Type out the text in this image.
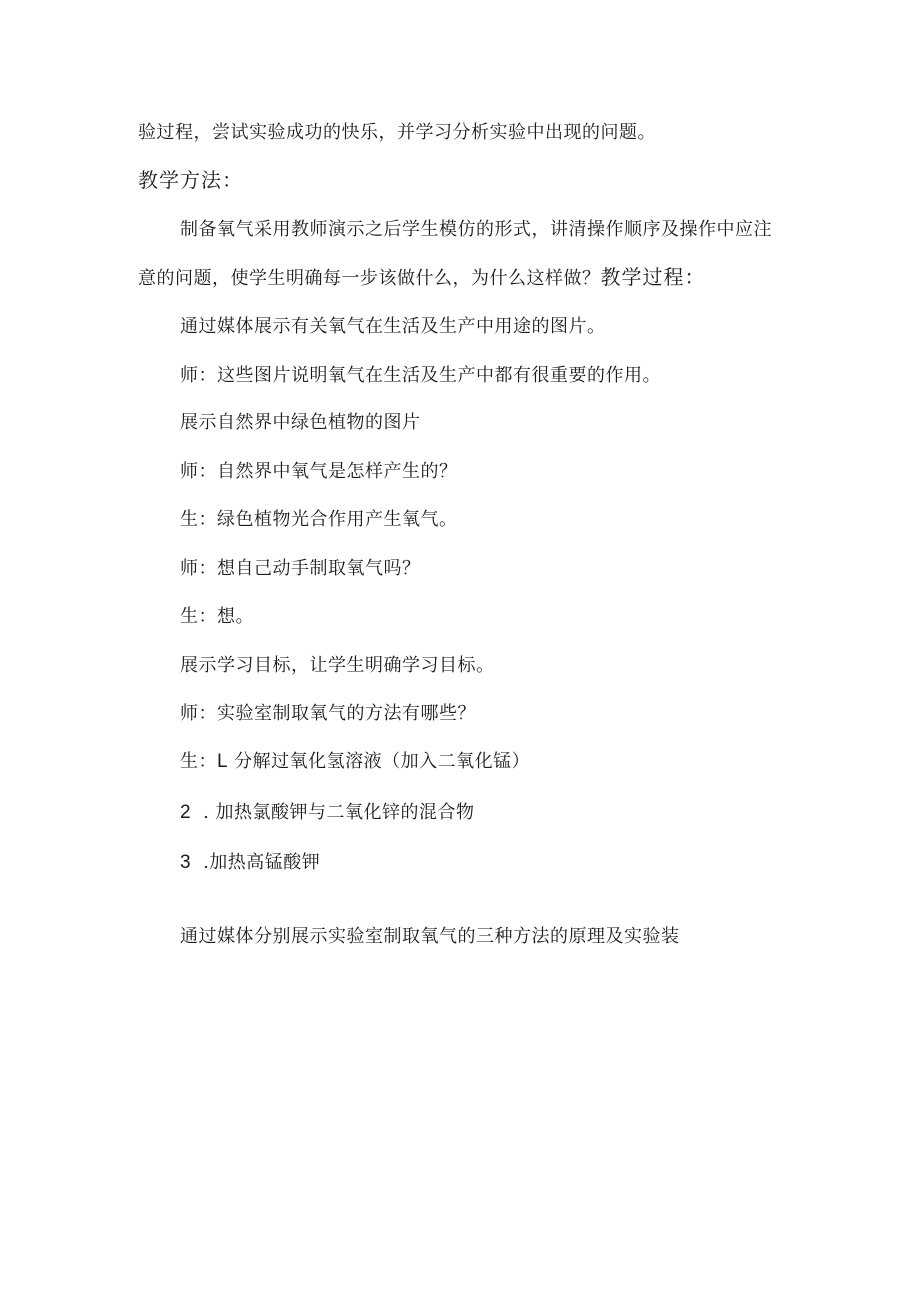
验过程，尝试实验成功的快乐，并学习分析实验中出现的问题。
教学方法：
制备氧气采用教师演示之后学生模仿的形式，讲清操作顺序及操作中应注
意的问题，使学生明确每一步该做什么，为什么这样做？教学过程：
通过媒体展示有关氧气在生活及生产中用途的图片。
师：这些图片说明氧气在生活及生产中都有很重要的作用。
展示自然界中绿色植物的图片
师：自然界中氧气是怎样产生的？
生：绿色植物光合作用产生氧气。
师：想自己动手制取氧气吗？
生：想。
展示学习目标，让学生明确学习目标。
师：实验室制取氧气的方法有哪些？
生：L 分解过氧化氢溶液（加入二氧化锰）
2 . 加热氯酸钾与二氧化锌的混合物
3 .加热高锰酸钾
通过媒体分别展示实验室制取氧气的三种方法的原理及实验装
